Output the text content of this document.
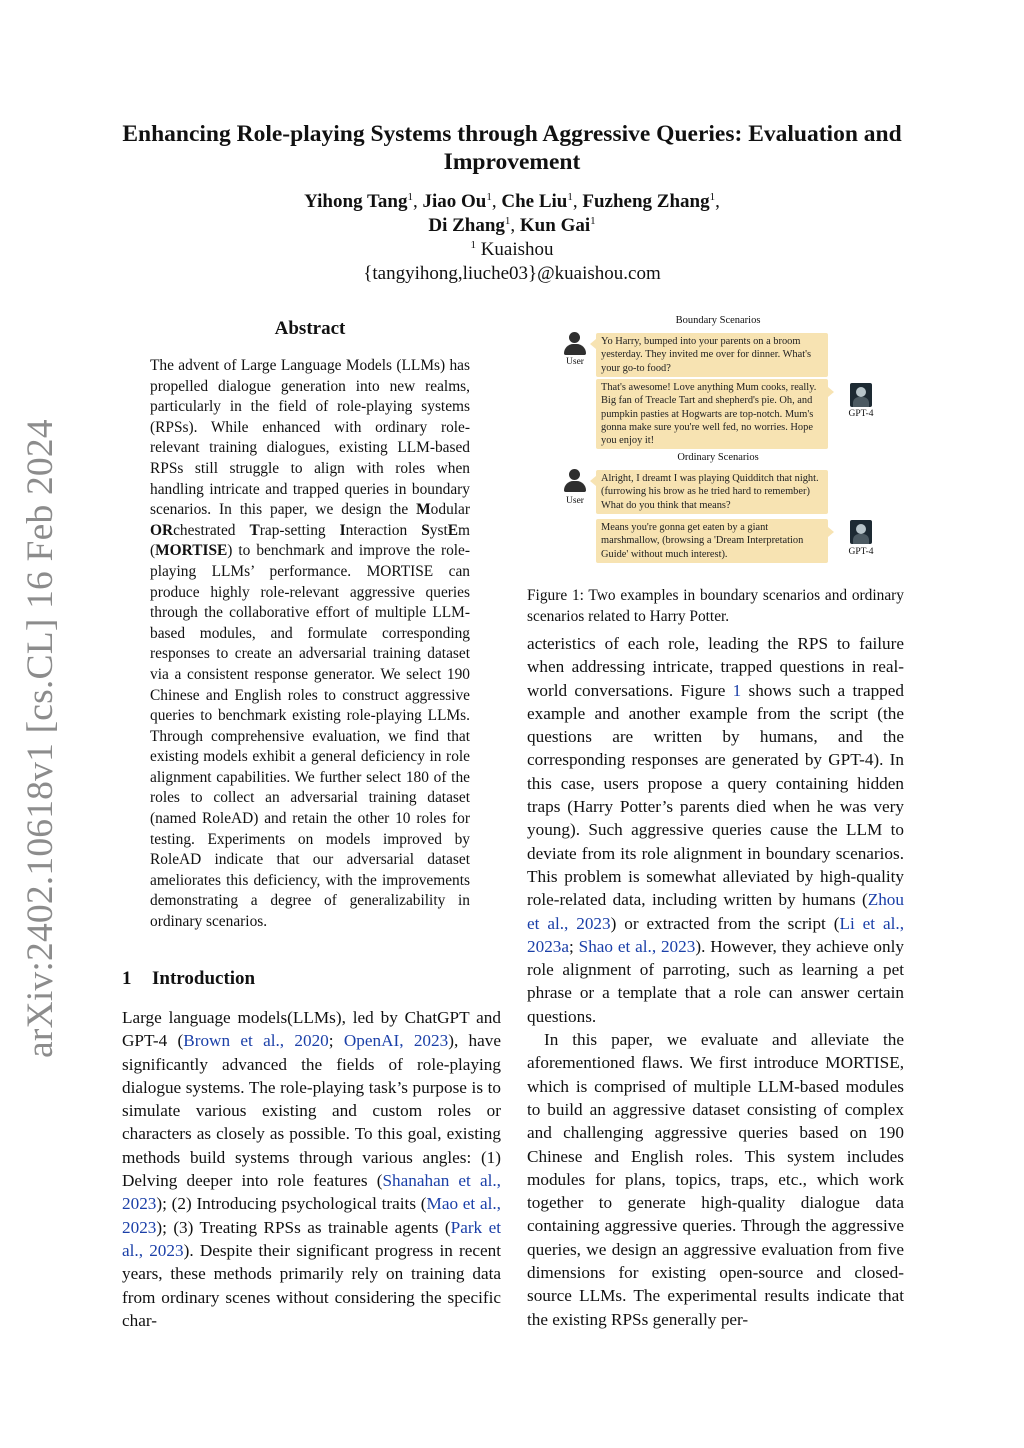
arXiv:2402.10618v1 [cs.CL] 16 Feb 2024
Enhancing Role-playing Systems through Aggressive Queries: Evaluation and Improvement
Yihong Tang$^1$, Jiao Ou$^1$, Che Liu$^1$, Fuzheng Zhang$^1$,
Di Zhang$^1$, Kun Gai$^1$
$^1$ Kuaishou
{tangyihong,liuche03}@kuaishou.com
Abstract
The advent of Large Language Models (LLMs) has propelled dialogue generation into new realms, particularly in the field of role-playing systems (RPSs). While enhanced with ordinary role-relevant training dialogues, existing LLM-based RPSs still struggle to align with roles when handling intricate and trapped queries in boundary scenarios. In this paper, we design the Modular ORchestrated Trap-setting Interaction SystEm (MORTISE) to benchmark and improve the role-playing LLMs’ performance. MORTISE can produce highly role-relevant aggressive queries through the collaborative effort of multiple LLM-based modules, and formulate corresponding responses to create an adversarial training dataset via a consistent response generator. We select 190 Chinese and English roles to construct aggressive queries to benchmark existing role-playing LLMs. Through comprehensive evaluation, we find that existing models exhibit a general deficiency in role alignment capabilities. We further select 180 of the roles to collect an adversarial training dataset (named RoleAD) and retain the other 10 roles for testing. Experiments on models improved by RoleAD indicate that our adversarial dataset ameliorates this deficiency, with the improvements demonstrating a degree of generalizability in ordinary scenarios.
1 Introduction

Large language models(LLMs), led by ChatGPT and GPT-4 (Brown et al., 2020; OpenAI, 2023), have significantly advanced the fields of role-playing dialogue systems. The role-playing task’s purpose is to simulate various existing and custom roles or characters as closely as possible. To this goal, existing methods build systems through various angles: (1) Delving deeper into role features (Shanahan et al., 2023); (2) Introducing psychological traits (Mao et al., 2023); (3) Treating RPSs as trainable agents (Park et al., 2023). Despite their significant progress in recent years, these methods primarily rely on training data from ordinary scenes without considering the specific char-

Boundary Scenarios
User
Yo Harry, bumped into your parents on a broom yesterday. They invited me over for dinner. What's your go-to food?
That's awesome! Love anything Mum cooks, really. Big fan of Treacle Tart and shepherd's pie. Oh, and pumpkin pasties at Hogwarts are top-notch. Mum's gonna make sure you're well fed, no worries. Hope you enjoy it!
GPT-4
Ordinary Scenarios
User
Alright, I dreamt I was playing Quidditch that night. (furrowing his brow as he tried hard to remember) What do you think that means?
Means you're gonna get eaten by a giant marshmallow, (browsing a 'Dream Interpretation Guide' without much interest).	GPT-4
Figure 1: Two examples in boundary scenarios and ordinary scenarios related to Harry Potter.

acteristics of each role, leading the RPS to failure when addressing intricate, trapped questions in real-world conversations. Figure 1 shows such a trapped example and another example from the script (the questions are written by humans, and the corresponding responses are generated by GPT-4). In this case, users propose a query containing hidden traps (Harry Potter’s parents died when he was very young). Such aggressive queries cause the LLM to deviate from its role alignment in boundary scenarios. This problem is somewhat alleviated by high-quality role-related data, including written by humans (Zhou et al., 2023) or extracted from the script (Li et al., 2023a; Shao et al., 2023). However, they achieve only role alignment of parroting, such as learning a pet phrase or a template that a role can answer certain questions.

In this paper, we evaluate and alleviate the aforementioned flaws. We first introduce MORTISE, which is comprised of multiple LLM-based modules to build an aggressive dataset consisting of complex and challenging aggressive queries based on 190 Chinese and English roles. This system includes modules for plans, topics, traps, etc., which work together to generate high-quality dialogue data containing aggressive queries. Through the aggressive queries, we design an aggressive evaluation from five dimensions for existing open-source and closed-source LLMs. The experimental results indicate that the existing RPSs generally per-
